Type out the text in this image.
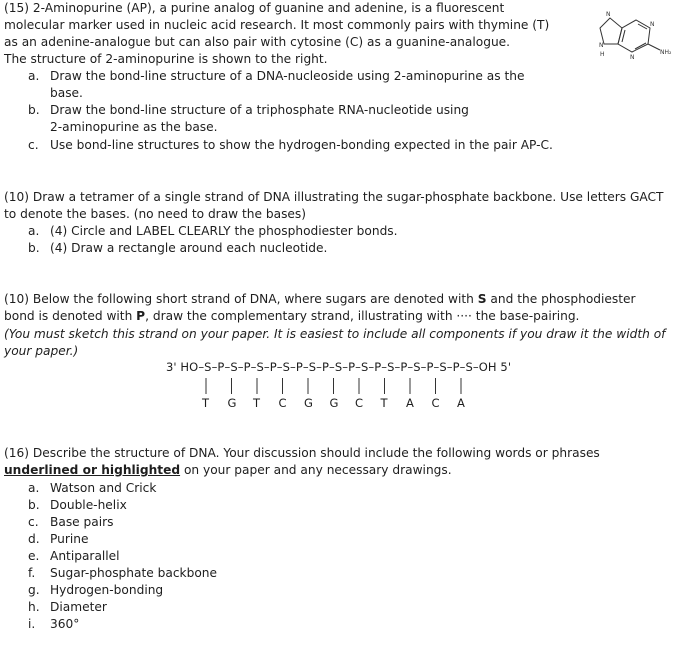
(15) 2-Aminopurine (AP), a purine analog of guanine and adenine, is a fluorescent
molecular marker used in nucleic acid research. It most commonly pairs with thymine (T)
as an adenine-analogue but can also pair with cytosine (C) as a guanine-analogue.
The structure of 2-aminopurine is shown to the right.
a. Draw the bond-line structure of a DNA-nucleoside using 2-aminopurine as the
base.
b. Draw the bond-line structure of a triphosphate RNA-nucleotide using
2-aminopurine as the base.
c. Use bond-line structures to show the hydrogen-bonding expected in the pair AP-C.
N
N
N
N
H	NH₂
(10) Draw a tetramer of a single strand of DNA illustrating the sugar-phosphate backbone. Use letters GACT
to denote the bases. (no need to draw the bases)
a. (4) Circle and LABEL CLEARLY the phosphodiester bonds.
b. (4) Draw a rectangle around each nucleotide.
(10) Below the following short strand of DNA, where sugars are denoted with S and the phosphodiester
bond is denoted with P, draw the complementary strand, illustrating with ···· the base-pairing.
(You must sketch this strand on your paper. It is easiest to include all components if you draw it the width of
your paper.)
3' HO–S–P–S–P–S–P–S–P–S–P–S–P–S–P–S–P–S–P–S–P–S–OH 5'
T G T C G G C T A C A
(16) Describe the structure of DNA. Your discussion should include the following words or phrases
underlined or highlighted on your paper and any necessary drawings.
a. Watson and Crick
b. Double-helix
c. Base pairs
d. Purine
e. Antiparallel
f. Sugar-phosphate backbone
g. Hydrogen-bonding
h. Diameter
i. 360°
